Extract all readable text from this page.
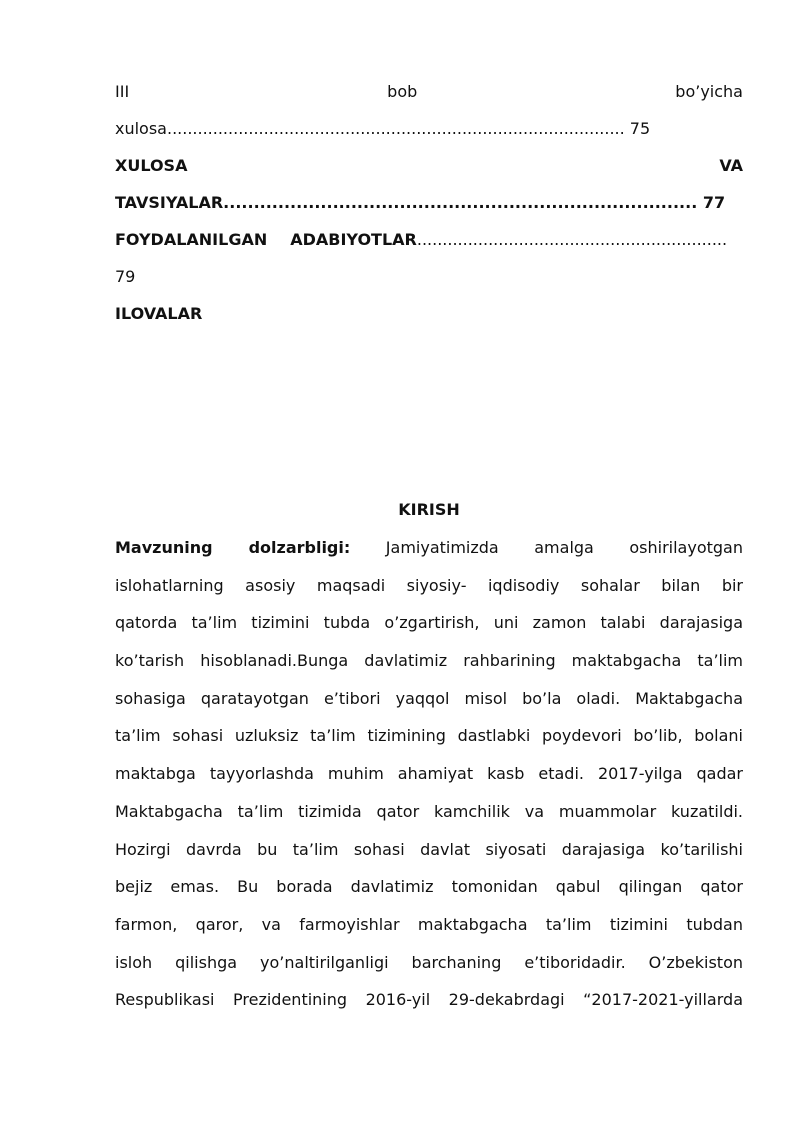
III	bob	bo’yicha
xulosa.......................................................................................... 75
XULOSA	VA
TAVSIYALAR.............................................................................. 77
FOYDALANILGAN ADABIYOTLAR.............................................................
79
ILOVALAR
KIRISH
Mavzuning dolzarbligi: Jamiyatimizda amalga oshirilayotgan
islohatlarning asosiy maqsadi siyosiy- iqdisodiy sohalar bilan bir
qatorda ta’lim tizimini tubda o’zgartirish, uni zamon talabi darajasiga
ko’tarish hisoblanadi.Bunga davlatimiz rahbarining maktabgacha ta’lim
sohasiga qaratayotgan e’tibori yaqqol misol bo’la oladi. Maktabgacha
ta’lim sohasi uzluksiz ta’lim tizimining dastlabki poydevori bo’lib, bolani
maktabga tayyorlashda muhim ahamiyat kasb etadi. 2017-yilga qadar
Maktabgacha ta’lim tizimida qator kamchilik va muammolar kuzatildi.
Hozirgi davrda bu ta’lim sohasi davlat siyosati darajasiga ko’tarilishi
bejiz emas. Bu borada davlatimiz tomonidan qabul qilingan qator
farmon, qaror, va farmoyishlar maktabgacha ta’lim tizimini tubdan
isloh qilishga yo’naltirilganligi barchaning e’tiboridadir. O’zbekiston
Respublikasi Prezidentining 2016-yil 29-dekabrdagi “2017-2021-yillarda
